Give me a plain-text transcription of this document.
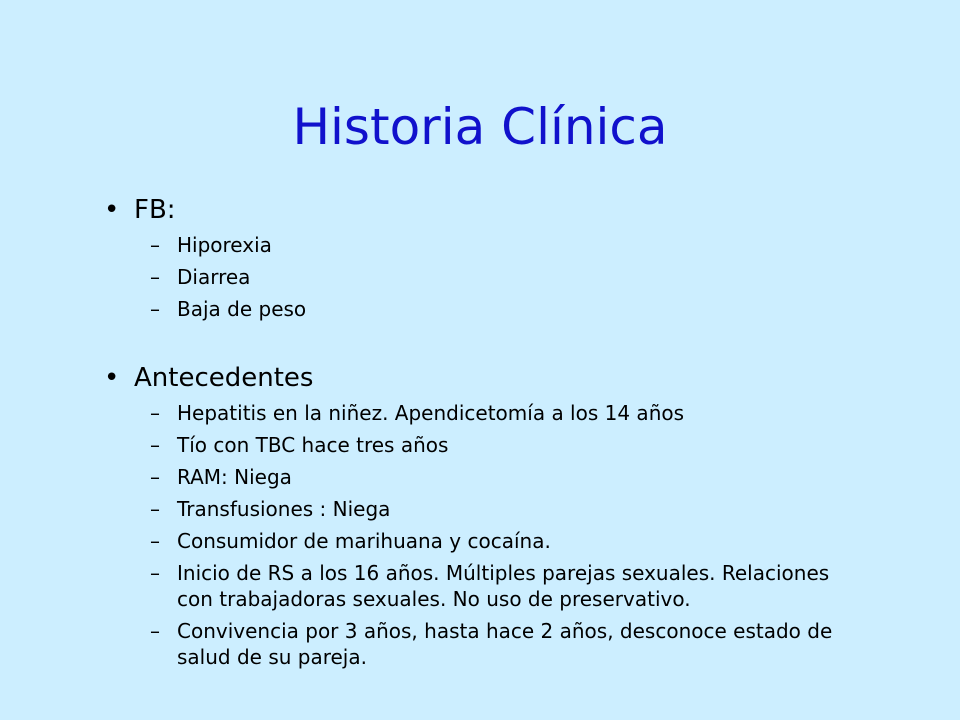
Historia Clínica
• FB:
– Hiporexia
– Diarrea
– Baja de peso
• Antecedentes
– Hepatitis en la niñez. Apendicetomía a los 14 años
– Tío con TBC hace tres años
– RAM: Niega
– Transfusiones : Niega
– Consumidor de marihuana y cocaína.
– Inicio de RS a los 16 años. Múltiples parejas sexuales. Relaciones con trabajadoras sexuales. No uso de preservativo.
– Convivencia por 3 años, hasta hace 2 años, desconoce estado de salud de su pareja.
